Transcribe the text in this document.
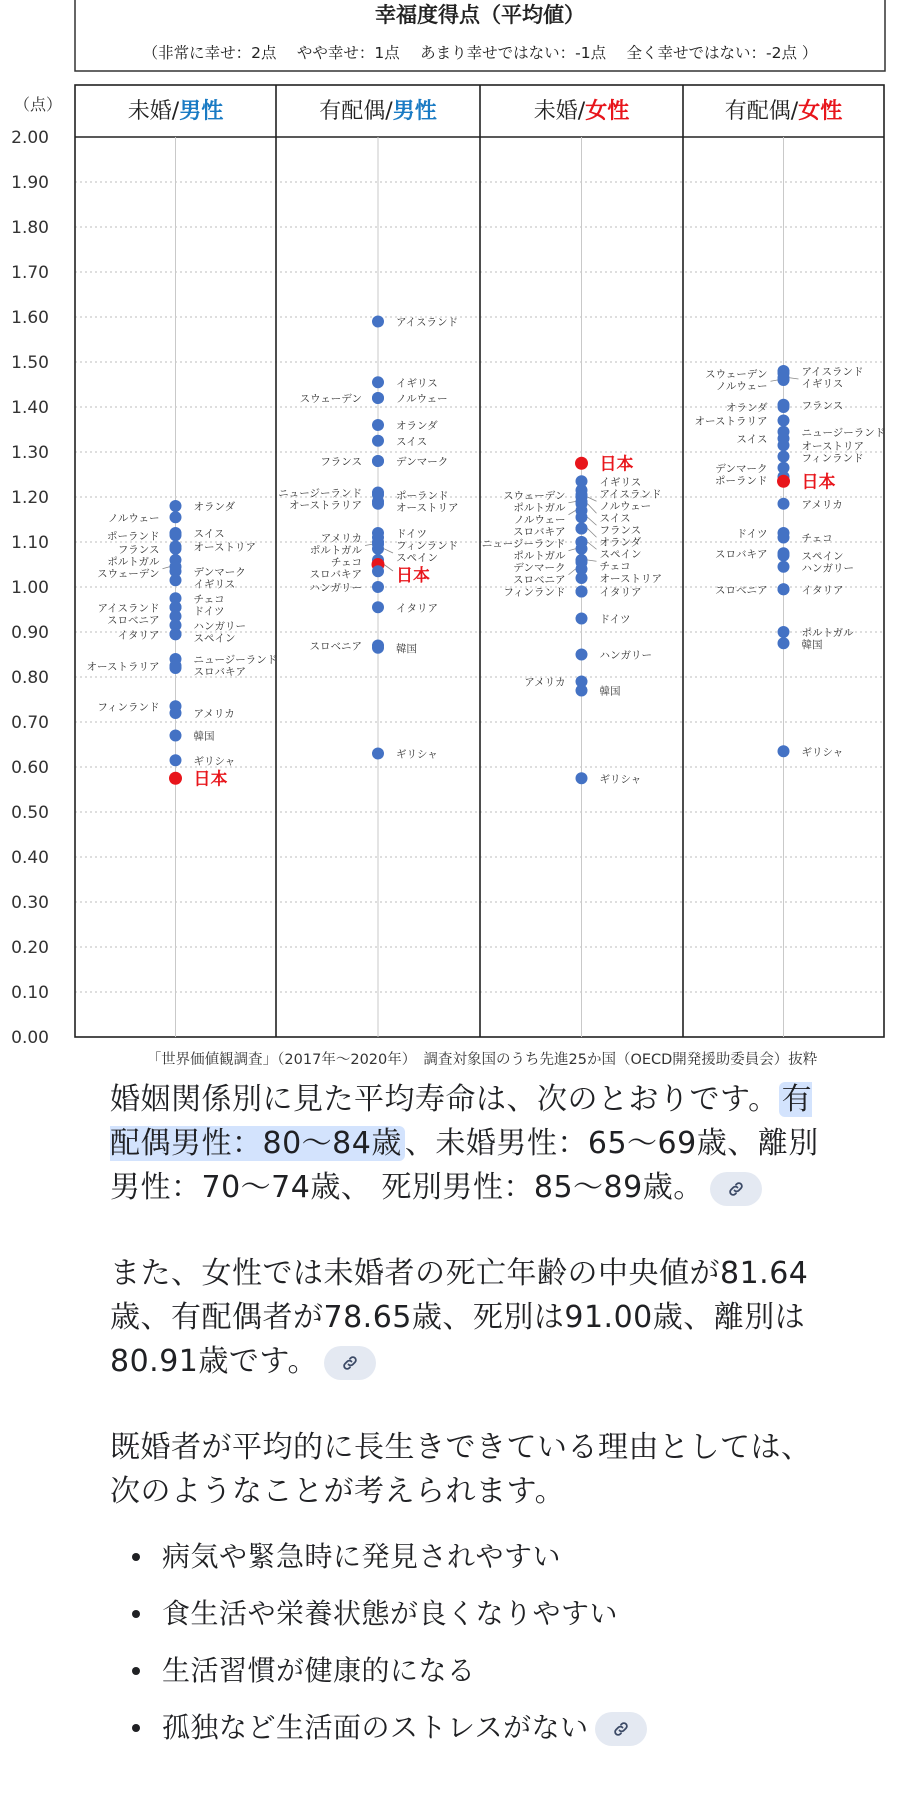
幸福度得点（平均値）
（非常に幸せ：2点　 やや幸せ：1点　 あまり幸せではない：-1点　 全く幸せではない：-2点 ）
2.00
1.90
1.80
1.70
1.60
1.50
1.40
1.30
1.20
1.10
1.00
0.90
0.80
0.70
0.60
0.50
0.40
0.30
0.20
0.10
0.00
（点）
「世界価値観調査」（2017年～2020年）　調査対象国のうち先進25か国（OECD開発援助委員会）抜粋
未婚/男性
オランダ
ノルウェー
スイス
ポーランド
オーストリア
フランス
ポルトガル
スウェーデン	デンマーク
イギリス
チェコ
ドイツ
アイスランド
スロベニア	ハンガリー
イタリア	スペイン
ニュージーランド
スロバキア
オーストラリア
フィンランド
アメリカ
韓国
ギリシャ
日本
有配偶/男性
アイスランド
イギリス
ノルウェー
スウェーデン
オランダ
スイス
フランス	デンマーク
ニュージーランド	ポーランド
オーストラリア	オーストリア
ドイツ
アメリカ
フィンランド
ポルトガル
スペイン
チェコ
日本
スロバキア
ハンガリー
イタリア
スロベニア	韓国
ギリシャ
未婚/女性
日本
イギリス
アイスランド
スウェーデン
ノルウェー
ポルトガル
スイス
ノルウェー
フランス
オランダ
スロバキア
ニュージーランド
スペイン
ポルトガル
チェコ
デンマーク
スロベニア	オーストリア
フィンランド	イタリア
ドイツ
ハンガリー
アメリカ
韓国
ギリシャ
有配偶/女性
スウェーデン	アイスランド
イギリス
ノルウェー
フランス
オランダ
オーストラリア
ニュージーランド
スイス
オーストリア
フィンランド
デンマーク
ポーランド 日本
アメリカ
ドイツ	チェコ
スロバキア	スペイン
ハンガリー
スロベニア	イタリア
ポルトガル
韓国
ギリシャ

婚姻関係別に見た平均寿命は、次のとおりです。 有配偶男性：80～84歳 、未婚男性：65～69歳、離別男性：70～74歳、 死別男性：85～89歳。

また、女性では未婚者の死亡年齢の中央値が81.64歳、有配偶者が78.65歳、死別は91.00歳、離別は80.91歳です。

既婚者が平均的に長生きできている理由としては、次のようなことが考えられます。

病気や緊急時に発見されやすい
食生活や栄養状態が良くなりやすい
生活習慣が健康的になる
孤独など生活面のストレスがない
